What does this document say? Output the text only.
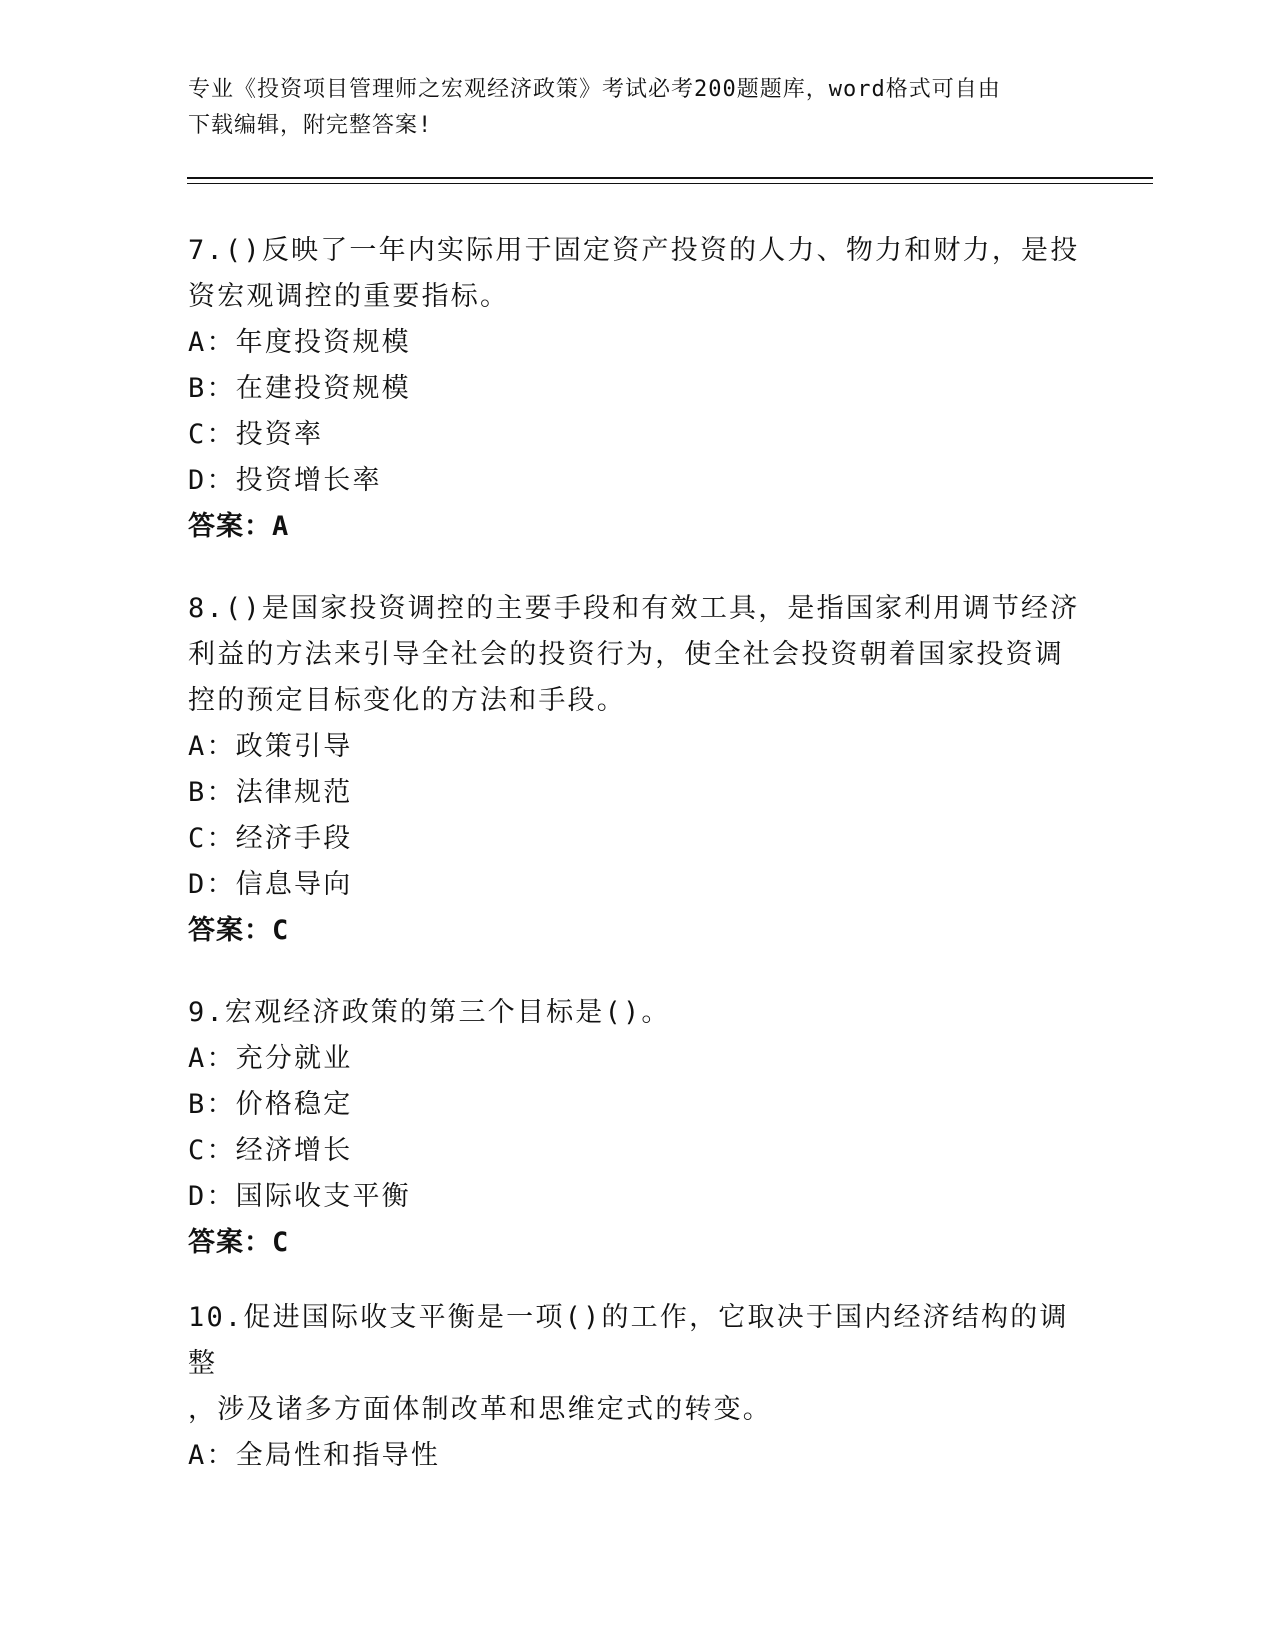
专业《投资项目管理师之宏观经济政策》考试必考200题题库，word格式可自由
下载编辑，附完整答案!
7.()反映了一年内实际用于固定资产投资的人力、物力和财力，是投
资宏观调控的重要指标。
A：年度投资规模
B：在建投资规模
C：投资率
D：投资增长率
答案：A
8.()是国家投资调控的主要手段和有效工具，是指国家利用调节经济
利益的方法来引导全社会的投资行为，使全社会投资朝着国家投资调
控的预定目标变化的方法和手段。
A：政策引导
B：法律规范
C：经济手段
D：信息导向
答案：C
9.宏观经济政策的第三个目标是()。
A：充分就业
B：价格稳定
C：经济增长
D：国际收支平衡
答案：C
10.促进国际收支平衡是一项()的工作，它取决于国内经济结构的调整
，涉及诸多方面体制改革和思维定式的转变。
A：全局性和指导性
